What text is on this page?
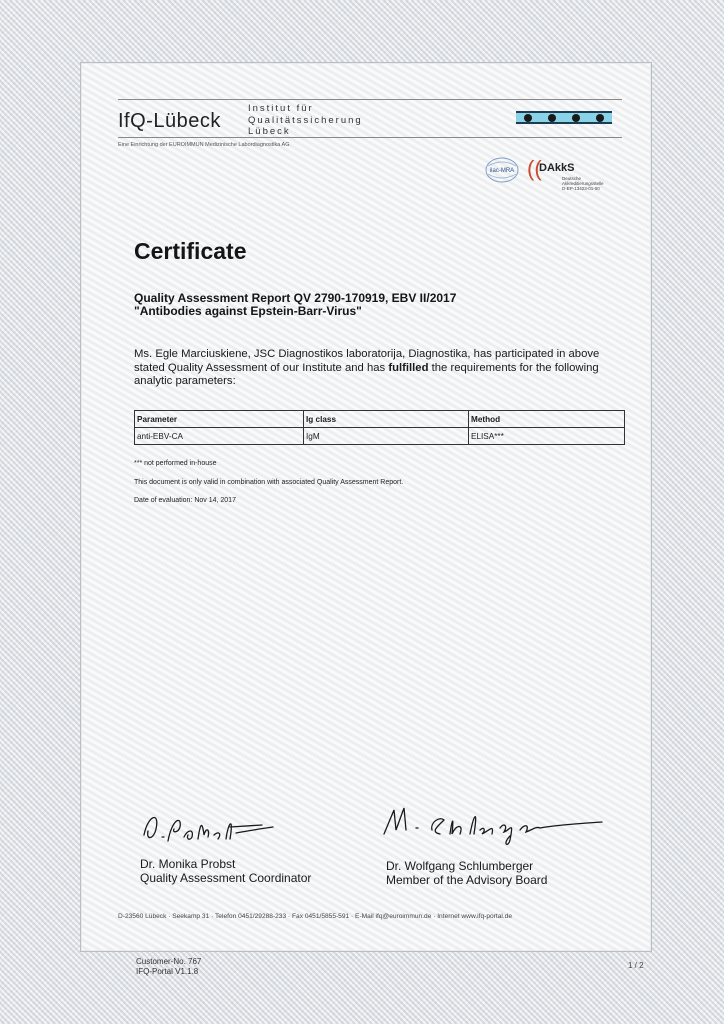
IfQ-Lübeck
Institut für
Qualitätssicherung
Lübeck
Eine Einrichtung der EUROIMMUN Medizinische Labordiagnostika AG
ilac-MRA ((
DAkkS
Deutsche
Akkreditierungsstelle
D-EP-13423-01-00
Certificate
Quality Assessment Report QV 2790-170919, EBV II/2017
"Antibodies against Epstein-Barr-Virus"
Ms. Egle Marciuskiene, JSC Diagnostikos laboratorija, Diagnostika, has participated in above stated Quality Assessment of our Institute and has fulfilled the requirements for the following analytic parameters:
Parameter	Ig class	Method
anti-EBV-CA	IgM	ELISA***
*** not performed in-house
This document is only valid in combination with associated Quality Assessment Report.
Date of evaluation: Nov 14, 2017
Dr. Monika Probst
Quality Assessment Coordinator
Dr. Wolfgang Schlumberger
Member of the Advisory Board
D-23560 Lübeck · Seekamp 31 · Telefon 0451/29288-233 · Fax 0451/5855-591 · E-Mail ifq@euroimmun.de · Internet www.ifq-portal.de
Customer-No. 767
IFQ-Portal V1.1.8
1 / 2
